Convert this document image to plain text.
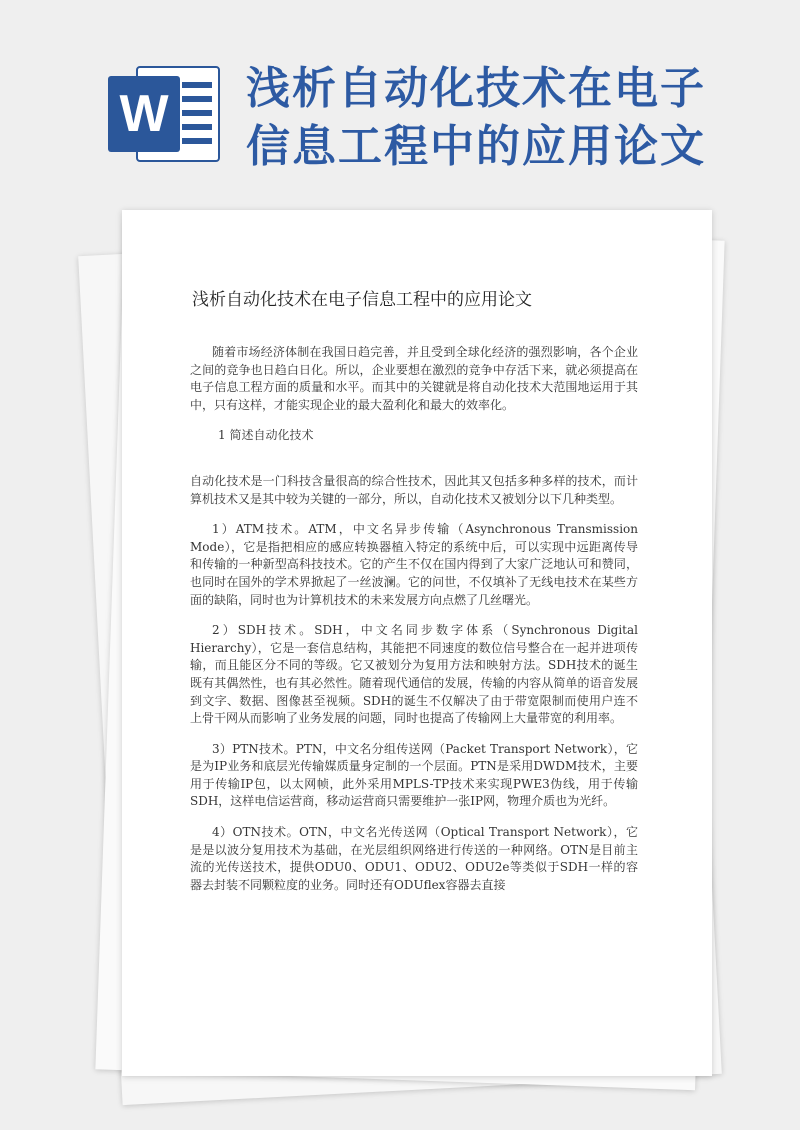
W 浅析自动化技术在电子
信息工程中的应用论文
浅析自动化技术在电子信息工程中的应用论文

随着市场经济体制在我国日趋完善，并且受到全球化经济的强烈影响，各个企业之间的竞争也日趋白日化。所以，企业要想在激烈的竞争中存活下来，就必须提高在电子信息工程方面的质量和水平。而其中的关键就是将自动化技术大范围地运用于其中，只有这样，才能实现企业的最大盈利化和最大的效率化。

1 简述自动化技术

自动化技术是一门科技含量很高的综合性技术，因此其又包括多种多样的技术，而计算机技术又是其中较为关键的一部分，所以，自动化技术又被划分以下几种类型。

1）ATM技术。ATM，中文名异步传输（Asynchronous Transmission Mode），它是指把相应的感应转换器植入特定的系统中后，可以实现中远距离传导和传输的一种新型高科技技术。它的产生不仅在国内得到了大家广泛地认可和赞同，也同时在国外的学术界掀起了一丝波澜。它的问世，不仅填补了无线电技术在某些方面的缺陷，同时也为计算机技术的未来发展方向点燃了几丝曙光。

2）SDH技术。SDH，中文名同步数字体系（Synchronous Digital Hierarchy），它是一套信息结构，其能把不同速度的数位信号整合在一起并进项传输，而且能区分不同的等级。它又被划分为复用方法和映射方法。SDH技术的诞生既有其偶然性，也有其必然性。随着现代通信的发展，传输的内容从简单的语音发展到文字、数据、图像甚至视频。SDH的诞生不仅解决了由于带宽限制而使用户连不上骨干网从而影响了业务发展的问题，同时也提高了传输网上大量带宽的利用率。

3）PTN技术。PTN，中文名分组传送网（Packet Transport Network），它是为IP业务和底层光传输媒质量身定制的一个层面。PTN是采用DWDM技术，主要用于传输IP包，以太网帧，此外采用MPLS-TP技术来实现PWE3伪线，用于传输SDH，这样电信运营商，移动运营商只需要维护一张IP网，物理介质也为光纤。

4）OTN技术。OTN，中文名光传送网（Optical Transport Network），它是是以波分复用技术为基础，在光层组织网络进行传送的一种网络。OTN是目前主流的光传送技术，提供ODU0、ODU1、ODU2、ODU2e等类似于SDH一样的容器去封装不同颗粒度的业务。同时还有ODUflex容器去直接
